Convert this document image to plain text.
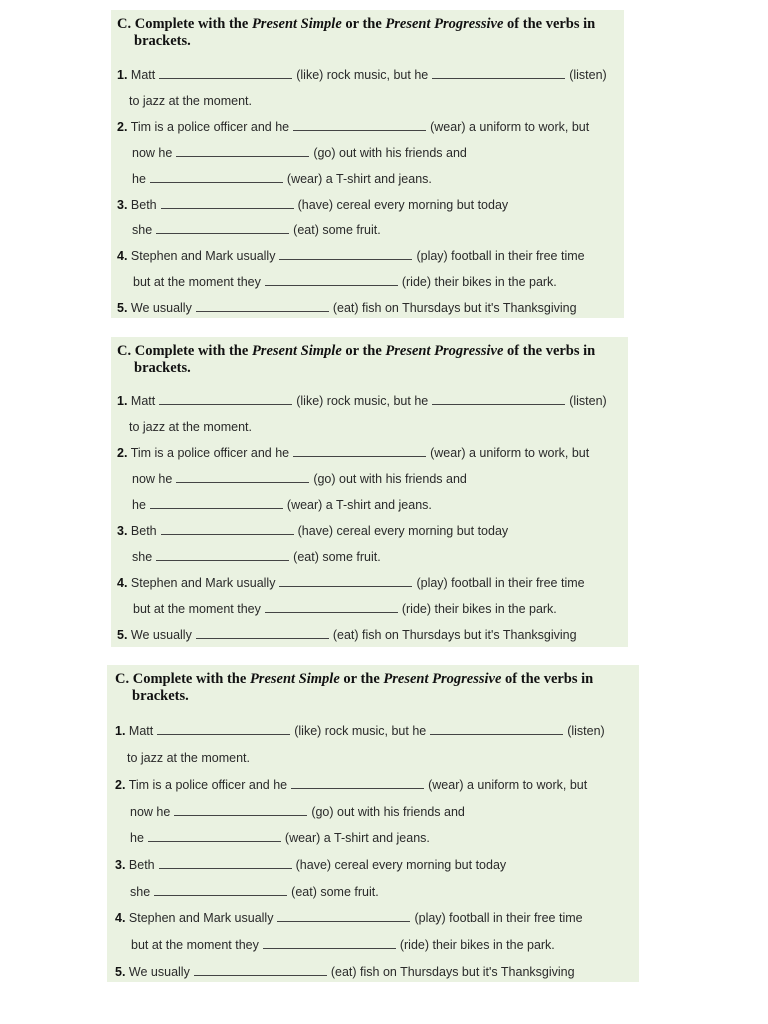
C. Complete with the Present Simple or the Present Progressive of the verbs in
brackets.
1. Matt	(like) rock music, but he	(listen)
to jazz at the moment.
2. Tim is a police officer and he	(wear) a uniform to work, but
now he	(go) out with his friends and
he	(wear) a T-shirt and jeans.
3. Beth	(have) cereal every morning but today
she	(eat) some fruit.
4. Stephen and Mark usually	(play) football in their free time
but at the moment they	(ride) their bikes in the park.
5. We usually	(eat) fish on Thursdays but it's Thanksgiving
C. Complete with the Present Simple or the Present Progressive of the verbs in
brackets.
1. Matt	(like) rock music, but he	(listen)
to jazz at the moment.
2. Tim is a police officer and he	(wear) a uniform to work, but
now he	(go) out with his friends and
he	(wear) a T-shirt and jeans.
3. Beth	(have) cereal every morning but today
she	(eat) some fruit.
4. Stephen and Mark usually	(play) football in their free time
but at the moment they	(ride) their bikes in the park.
5. We usually	(eat) fish on Thursdays but it's Thanksgiving
C. Complete with the Present Simple or the Present Progressive of the verbs in
brackets.
1. Matt	(like) rock music, but he	(listen)
to jazz at the moment.
2. Tim is a police officer and he	(wear) a uniform to work, but
now he	(go) out with his friends and
he	(wear) a T-shirt and jeans.
3. Beth	(have) cereal every morning but today
she	(eat) some fruit.
4. Stephen and Mark usually	(play) football in their free time
but at the moment they	(ride) their bikes in the park.
5. We usually	(eat) fish on Thursdays but it's Thanksgiving
